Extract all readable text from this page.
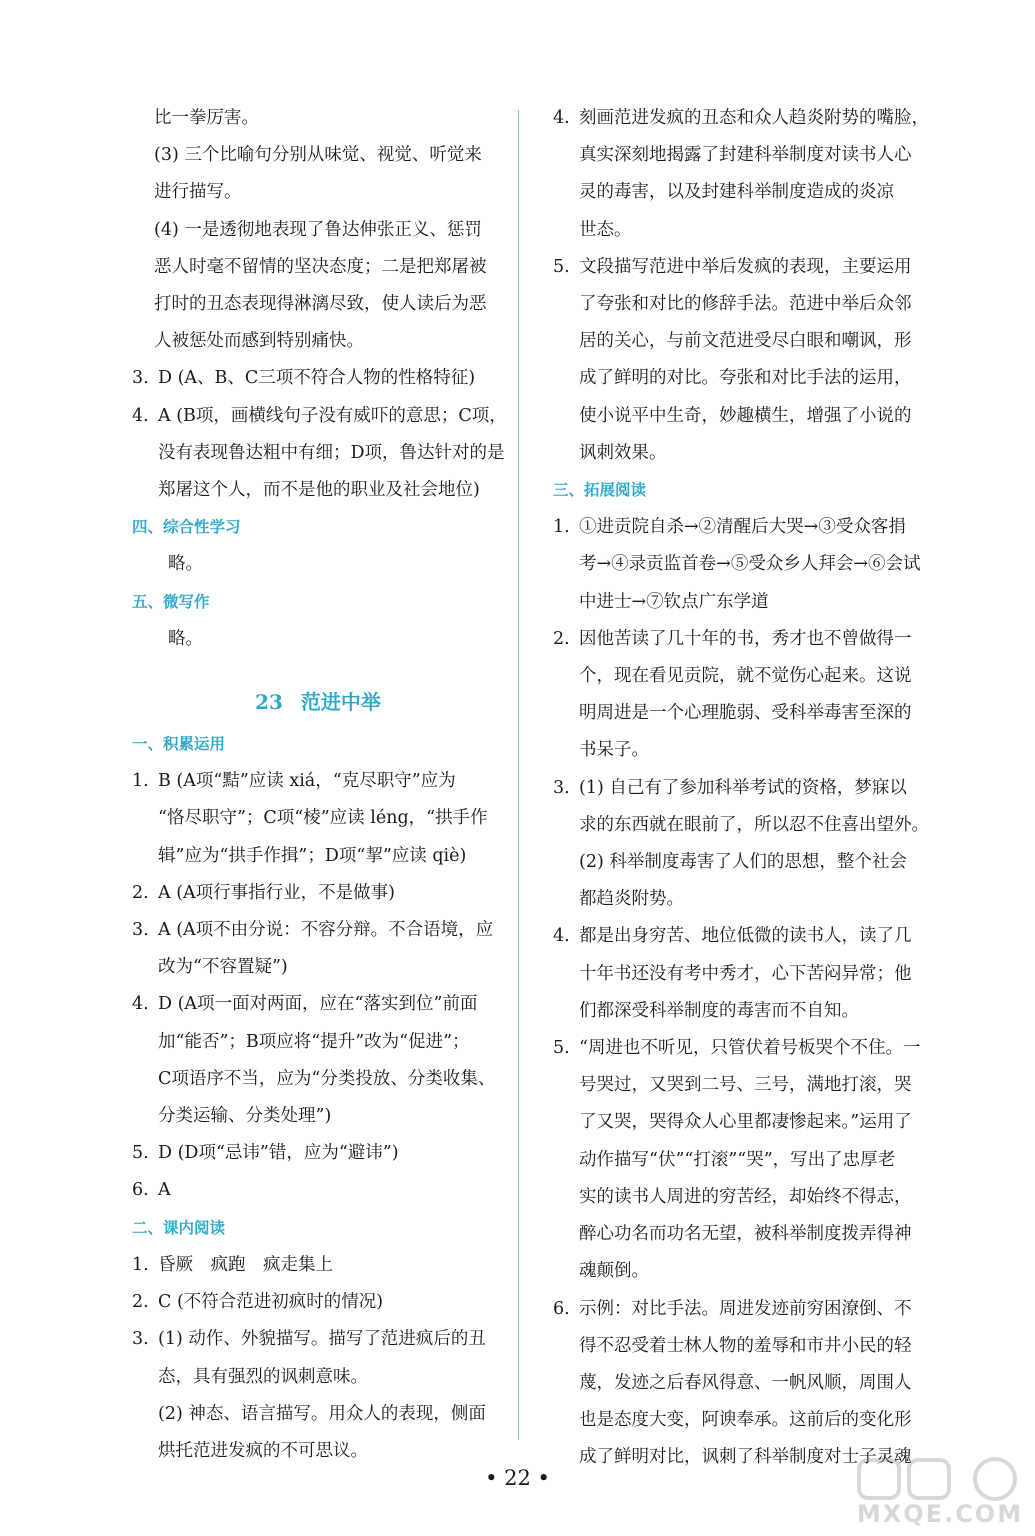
比一拳厉害。
(3) 三个比喻句分别从味觉、视觉、听觉来
进行描写。
(4) 一是透彻地表现了鲁达伸张正义、惩罚
恶人时毫不留情的坚决态度；二是把郑屠被
打时的丑态表现得淋漓尽致，使人读后为恶
人被惩处而感到特别痛快。
3. D (A、B、C三项不符合人物的性格特征)
4. A (B项，画横线句子没有威吓的意思；C项，
没有表现鲁达粗中有细；D项，鲁达针对的是
郑屠这个人，而不是他的职业及社会地位)
四、综合性学习
略。
五、微写作
略。
23 范进中举
一、积累运用
1. B (A项“黠”应读 xiá，“克尽职守”应为
“恪尽职守”；C项“棱”应读 léng，“拱手作
辑”应为“拱手作揖”；D项“挈”应读 qiè)
2. A (A项行事指行业，不是做事)
3. A (A项不由分说：不容分辩。不合语境，应
改为“不容置疑”)
4. D (A项一面对两面，应在“落实到位”前面
加“能否”；B项应将“提升”改为“促进”；
C项语序不当，应为“分类投放、分类收集、
分类运输、分类处理”)
5. D (D项“忌讳”错，应为“避讳”)
6. A
二、课内阅读
1. 昏厥　疯跑　疯走集上
2. C (不符合范进初疯时的情况)
3. (1) 动作、外貌描写。描写了范进疯后的丑
态，具有强烈的讽刺意味。
(2) 神态、语言描写。用众人的表现，侧面
烘托范进发疯的不可思议。
4. 刻画范进发疯的丑态和众人趋炎附势的嘴脸，
真实深刻地揭露了封建科举制度对读书人心
灵的毒害，以及封建科举制度造成的炎凉
世态。
5. 文段描写范进中举后发疯的表现，主要运用
了夸张和对比的修辞手法。范进中举后众邻
居的关心，与前文范进受尽白眼和嘲讽，形
成了鲜明的对比。夸张和对比手法的运用，
使小说平中生奇，妙趣横生，增强了小说的
讽刺效果。
三、拓展阅读
1. ①进贡院自杀→②清醒后大哭→③受众客捐
考→④录贡监首卷→⑤受众乡人拜会→⑥会试
中进士→⑦钦点广东学道
2. 因他苦读了几十年的书，秀才也不曾做得一
个，现在看见贡院，就不觉伤心起来。这说
明周进是一个心理脆弱、受科举毒害至深的
书呆子。
3. (1) 自己有了参加科举考试的资格，梦寐以
求的东西就在眼前了，所以忍不住喜出望外。
(2) 科举制度毒害了人们的思想，整个社会
都趋炎附势。
4. 都是出身穷苦、地位低微的读书人，读了几
十年书还没有考中秀才，心下苦闷异常；他
们都深受科举制度的毒害而不自知。
5. “周进也不听见，只管伏着号板哭个不住。一
号哭过，又哭到二号、三号，满地打滚，哭
了又哭，哭得众人心里都凄惨起来。”运用了
动作描写“伏”“打滚”“哭”，写出了忠厚老
实的读书人周进的穷苦经，却始终不得志，
醉心功名而功名无望，被科举制度拨弄得神
魂颠倒。
6. 示例：对比手法。周进发迹前穷困潦倒、不
得不忍受着士林人物的羞辱和市井小民的轻
蔑，发迹之后春风得意、一帆风顺，周围人
也是态度大变，阿谀奉承。这前后的变化形
成了鲜明对比，讽刺了科举制度对士子灵魂
• 22 •
MXQE.COM
